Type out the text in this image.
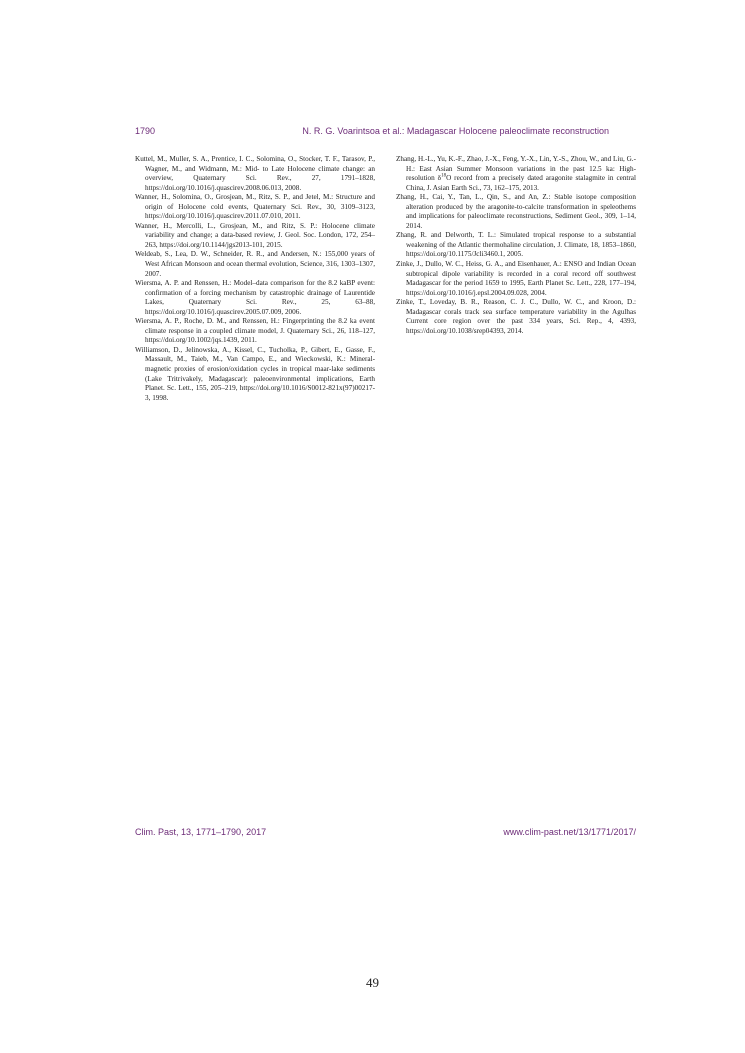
1790	N. R. G. Voarintsoa et al.: Madagascar Holocene paleoclimate reconstruction

Kuttel, M., Muller, S. A., Prentice, I. C., Solomina, O., Stocker, T. F., Tarasov, P., Wagner, M., and Widmann, M.: Mid- to Late Holocene climate change: an overview, Quaternary Sci. Rev., 27, 1791–1828, https://doi.org/10.1016/j.quascirev.2008.06.013, 2008.

Wanner, H., Solomina, O., Grosjean, M., Ritz, S. P., and Jetel, M.: Structure and origin of Holocene cold events, Quaternary Sci. Rev., 30, 3109–3123, https://doi.org/10.1016/j.quascirev.2011.07.010, 2011.

Wanner, H., Mercolli, L., Grosjean, M., and Ritz, S. P.: Holocene climate variability and change; a data-based review, J. Geol. Soc. London, 172, 254–263, https://doi.org/10.1144/jgs2013-101, 2015.

Weldeab, S., Lea, D. W., Schneider, R. R., and Andersen, N.: 155,000 years of West African Monsoon and ocean thermal evolution, Science, 316, 1303–1307, 2007.

Wiersma, A. P. and Renssen, H.: Model–data comparison for the 8.2 kaBP event: confirmation of a forcing mechanism by catastrophic drainage of Laurentide Lakes, Quaternary Sci. Rev., 25, 63–88, https://doi.org/10.1016/j.quascirev.2005.07.009, 2006.

Wiersma, A. P., Roche, D. M., and Renssen, H.: Fingerprinting the 8.2 ka event climate response in a coupled climate model, J. Quaternary Sci., 26, 118–127, https://doi.org/10.1002/jqs.1439, 2011.

Williamson, D., Jelinowska, A., Kissel, C., Tucholka, P., Gibert, E., Gasse, F., Massault, M., Taieb, M., Van Campo, E., and Wieckowski, K.: Mineral-magnetic proxies of erosion/oxidation cycles in tropical maar-lake sediments (Lake Tritrivakely, Madagascar): paleoenvironmental implications, Earth Planet. Sc. Lett., 155, 205–219, https://doi.org/10.1016/S0012-821x(97)00217-3, 1998.

Zhang, H.-L., Yu, K.-F., Zhao, J.-X., Feng, Y.-X., Lin, Y.-S., Zhou, W., and Liu, G.-H.: East Asian Summer Monsoon variations in the past 12.5 ka: High-resolution $\delta^{18}O$ record from a precisely dated aragonite stalagmite in central China, J. Asian Earth Sci., 73, 162–175, 2013.

Zhang, H., Cai, Y., Tan, L., Qin, S., and An, Z.: Stable isotope composition alteration produced by the aragonite-to-calcite transformation in speleothems and implications for paleoclimate reconstructions, Sediment Geol., 309, 1–14, 2014.

Zhang, R. and Delworth, T. L.: Simulated tropical response to a substantial weakening of the Atlantic thermohaline circulation, J. Climate, 18, 1853–1860, https://doi.org/10.1175/Jcli3460.1, 2005.

Zinke, J., Dullo, W. C., Heiss, G. A., and Eisenhauer, A.: ENSO and Indian Ocean subtropical dipole variability is recorded in a coral record off southwest Madagascar for the period 1659 to 1995, Earth Planet Sc. Lett., 228, 177–194, https://doi.org/10.1016/j.epsl.2004.09.028, 2004.

Zinke, T., Loveday, B. R., Reason, C. J. C., Dullo, W. C., and Kroon, D.: Madagascar corals track sea surface temperature variability in the Agulhas Current core region over the past 334 years, Sci. Rep., 4, 4393, https://doi.org/10.1038/srep04393, 2014.

Clim. Past, 13, 1771–1790, 2017	www.clim-past.net/13/1771/2017/
49
